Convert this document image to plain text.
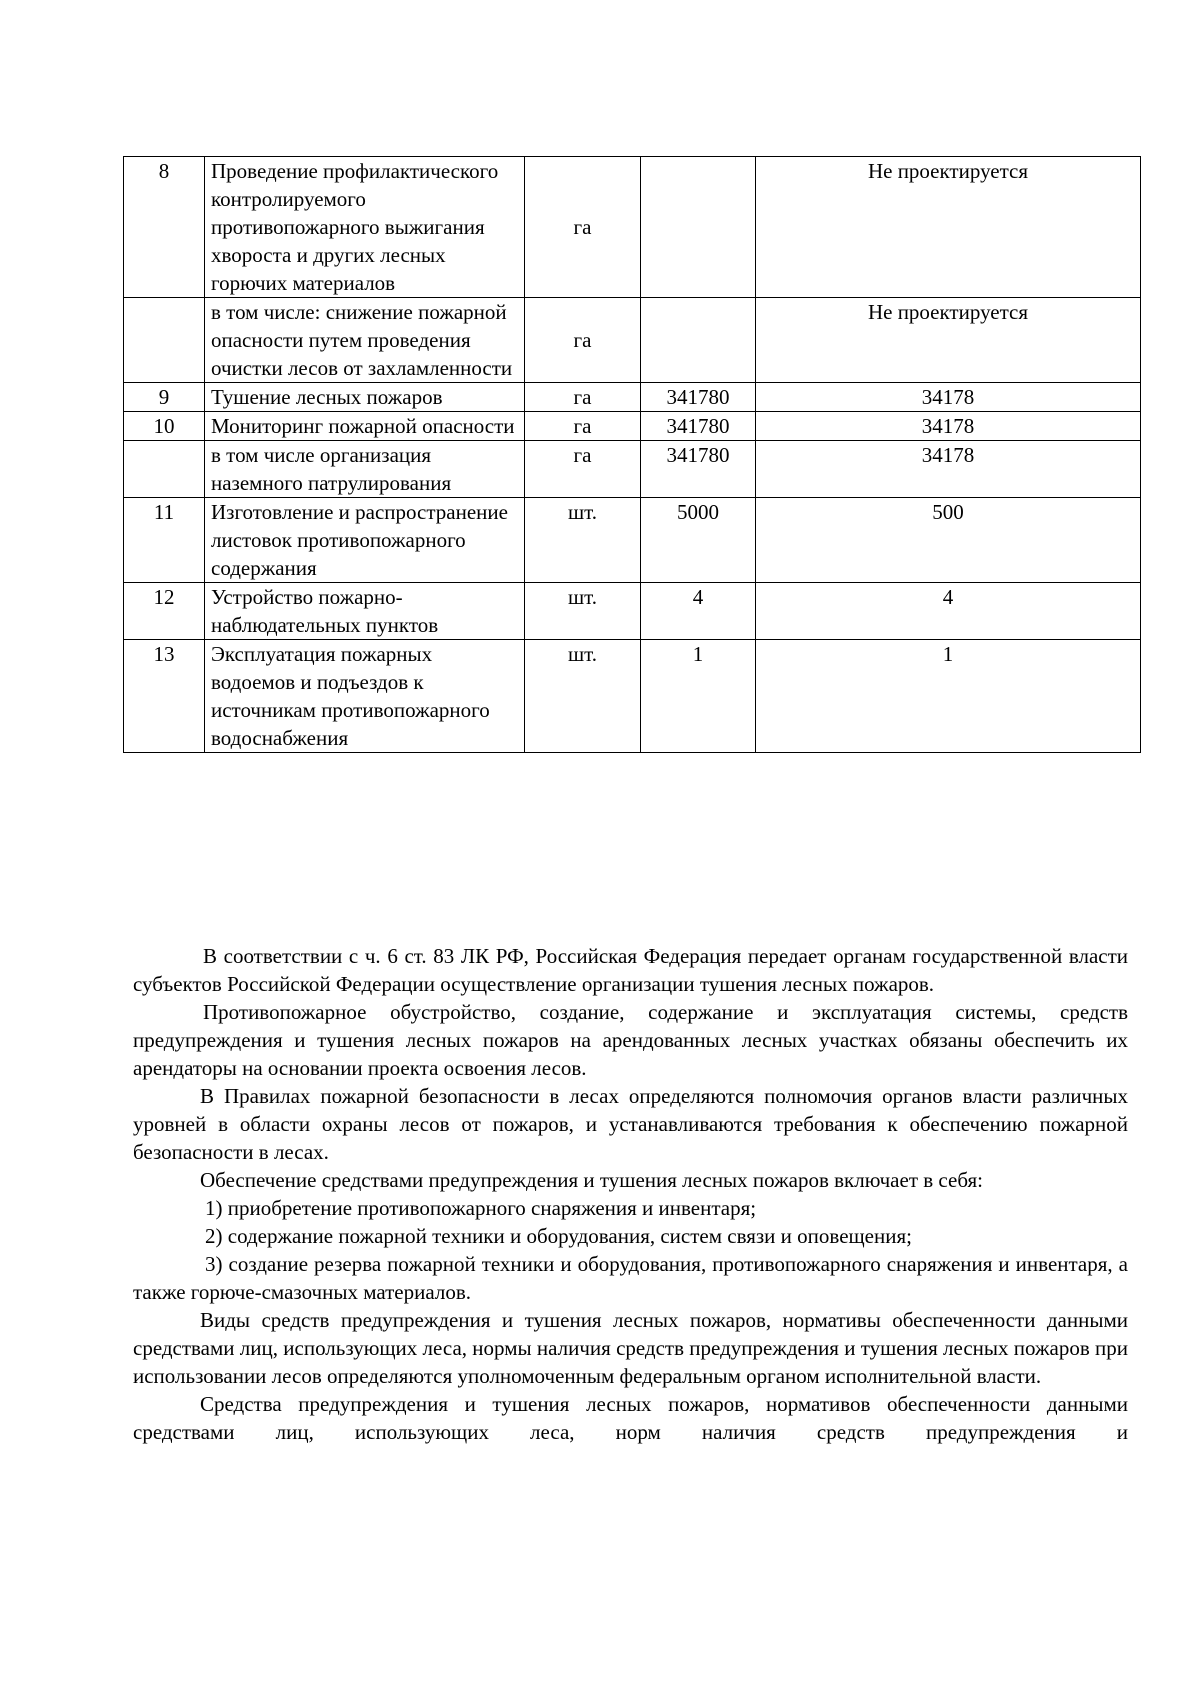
8	Проведение профилактического контролируемого противопожарного выжигания хвороста и других лесных горючих материалов	га		Не проектируется
	в том числе: снижение пожарной опасности путем проведения очистки лесов от захламленности	га		Не проектируется
9	Тушение лесных пожаров	га	341780	34178
10	Мониторинг пожарной опасности	га	341780	34178
	в том числе организация наземного патрулирования	га	341780	34178
11	Изготовление и распространение листовок противопожарного содержания	шт.	5000	500
12	Устройство пожарно-наблюдательных пунктов	шт.	4	4
13	Эксплуатация пожарных водоемов и подъездов к источникам противопожарного водоснабжения	шт.	1	1

В соответствии с ч. 6 ст. 83 ЛК РФ, Российская Федерация передает органам государственной власти субъектов Российской Федерации осуществление организации тушения лесных пожаров.

Противопожарное обустройство, создание, содержание и эксплуатация системы, средств предупреждения и тушения лесных пожаров на арендованных лесных участках обязаны обеспечить их арендаторы на основании проекта освоения лесов.

В Правилах пожарной безопасности в лесах определяются полномочия органов власти различных уровней в области охраны лесов от пожаров, и устанавливаются требования к обеспечению пожарной безопасности в лесах.

Обеспечение средствами предупреждения и тушения лесных пожаров включает в себя:

1) приобретение противопожарного снаряжения и инвентаря;

2) содержание пожарной техники и оборудования, систем связи и оповещения;

3) создание резерва пожарной техники и оборудования, противопожарного снаряжения и инвентаря, а также горюче-смазочных материалов.

Виды средств предупреждения и тушения лесных пожаров, нормативы обеспеченности данными средствами лиц, использующих леса, нормы наличия средств предупреждения и тушения лесных пожаров при использовании лесов определяются уполномоченным федеральным органом исполнительной власти.

Средства предупреждения и тушения лесных пожаров, нормативов обеспеченности данными средствами лиц, использующих леса, норм наличия средств предупреждения и
